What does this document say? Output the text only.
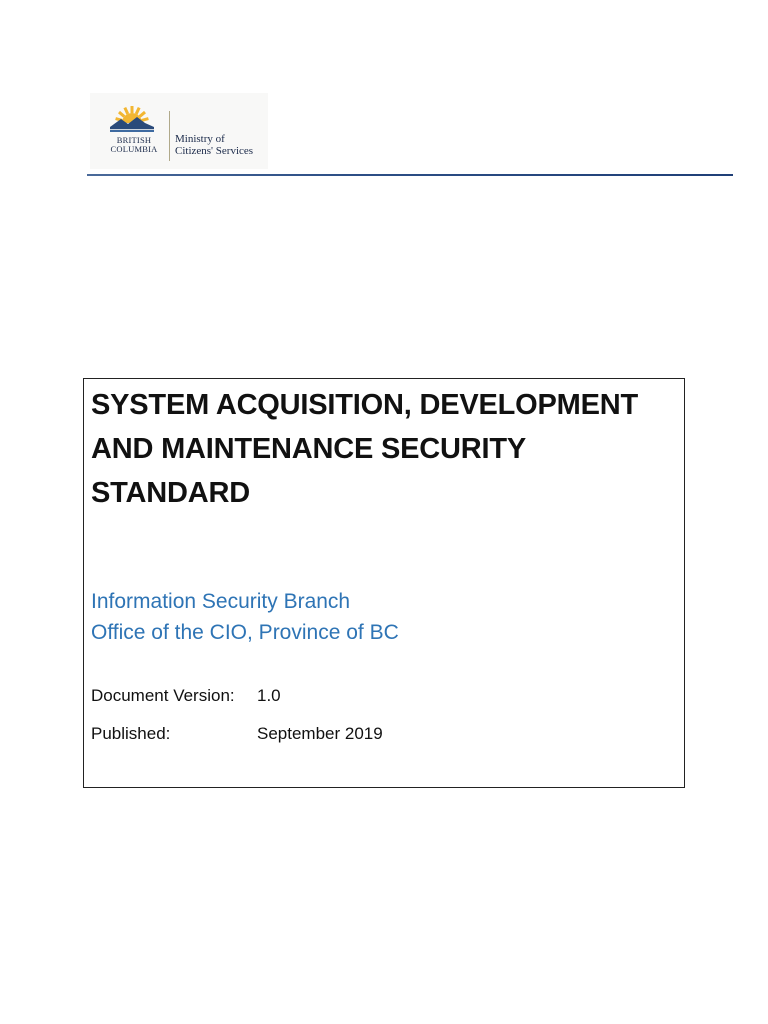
BRITISH
COLUMBIA
Ministry of
Citizens' Services
SYSTEM ACQUISITION, DEVELOPMENT AND MAINTENANCE SECURITY STANDARD
Information Security Branch
Office of the CIO, Province of BC
Document Version: 1.0
Published:	September 2019
